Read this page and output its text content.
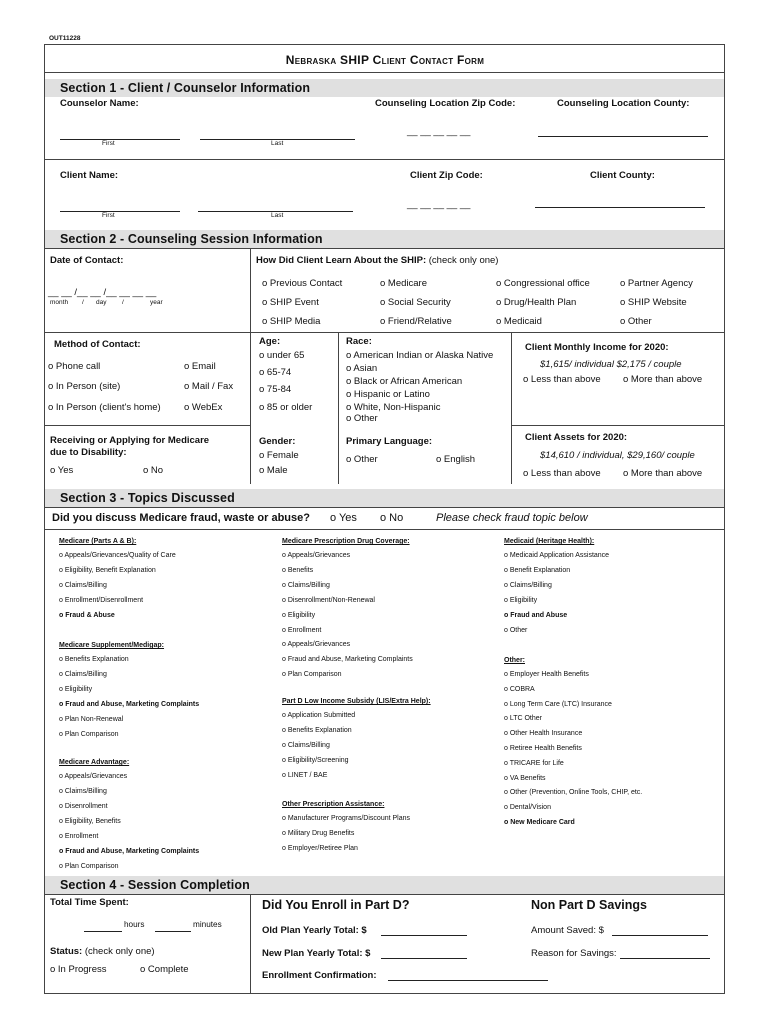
OUT11228
Nebraska SHIP Client Contact Form
Section 1 - Client / Counselor Information
Counselor Name:	Counseling Location Zip Code:	Counseling Location County:
First	Last
__ __ __ __ __
Client Name:	Client Zip Code:	Client County:
First	Last
__ __ __ __ __
Section 2 - Counseling Session Information
Date of Contact:
__ __ /__ __ /__ __ __ __
month / day /	year
How Did Client Learn About the SHIP: (check only one)
o Previous Contact	o Medicare	o Congressional office	o Partner Agency
o SHIP Event	o Social Security	o Drug/Health Plan	o SHIP Website
o SHIP Media	o Friend/Relative	o Medicaid	o Other
Method of Contact:
o Phone call	o Email
o In Person (site)	o Mail / Fax
o In Person (client's home) o WebEx
Age:
o under 65
o 65-74
o 75-84
o 85 or older
Race:
o American Indian or Alaska Native
o Asian
o Black or African American
o Hispanic or Latino
o White, Non-Hispanic
o Other
Client Monthly Income for 2020:
$1,615/ individual $2,175 / couple
o Less than above o More than above
Receiving or Applying for Medicare
due to Disability:
o Yes	o No
Gender:
o Female
o Male
Primary Language:
o Other	o English
Client Assets for 2020:
$14,610 / individual, $29,160/ couple
o Less than above o More than above
Section 3 - Topics Discussed
Did you discuss Medicare fraud, waste or abuse? o Yes o No	Please check fraud topic below
Medicare (Parts A & B):
o Appeals/Grievances/Quality of Care
o Eligibility, Benefit Explanation
o Claims/Billing
o Enrollment/Disenrollment
o Fraud & Abuse
Medicare Supplement/Medigap:
o Benefits Explanation
o Claims/Billing
o Eligibility
o Fraud and Abuse, Marketing Complaints
o Plan Non-Renewal
o Plan Comparison
Medicare Advantage:
o Appeals/Grievances
o Claims/Billing
o Disenrollment
o Eligibility, Benefits
o Enrollment
o Fraud and Abuse, Marketing Complaints
o Plan Comparison
Medicare Prescription Drug Coverage:
o Appeals/Grievances
o Benefits
o Claims/Billing
o Disenrollment/Non-Renewal
o Eligibility
o Enrollment
o Appeals/Grievances
o Fraud and Abuse, Marketing Complaints
o Plan Comparison
Part D Low Income Subsidy (LIS/Extra Help):
o Application Submitted
o Benefits Explanation
o Claims/Billing
o Eligibility/Screening
o LINET / BAE
Other Prescription Assistance:
o Manufacturer Programs/Discount Plans
o Military Drug Benefits
o Employer/Retiree Plan
Medicaid (Heritage Health):
o Medicaid Application Assistance
o Benefit Explanation
o Claims/Billing
o Eligibility
o Fraud and Abuse
o Other
Other:
o Employer Health Benefits
o COBRA
o Long Term Care (LTC) Insurance
o LTC Other
o Other Health Insurance
o Retiree Health Benefits
o TRICARE for Life
o VA Benefits
o Other (Prevention, Online Tools, CHIP, etc.
o Dental/Vision
o New Medicare Card
Section 4 - Session Completion
Total Time Spent:
hours	minutes
Status: (check only one)
o In Progress	o Complete
Did You Enroll in Part D?
Old Plan Yearly Total: $
New Plan Yearly Total: $
Enrollment Confirmation:
Non Part D Savings
Amount Saved: $
Reason for Savings:
